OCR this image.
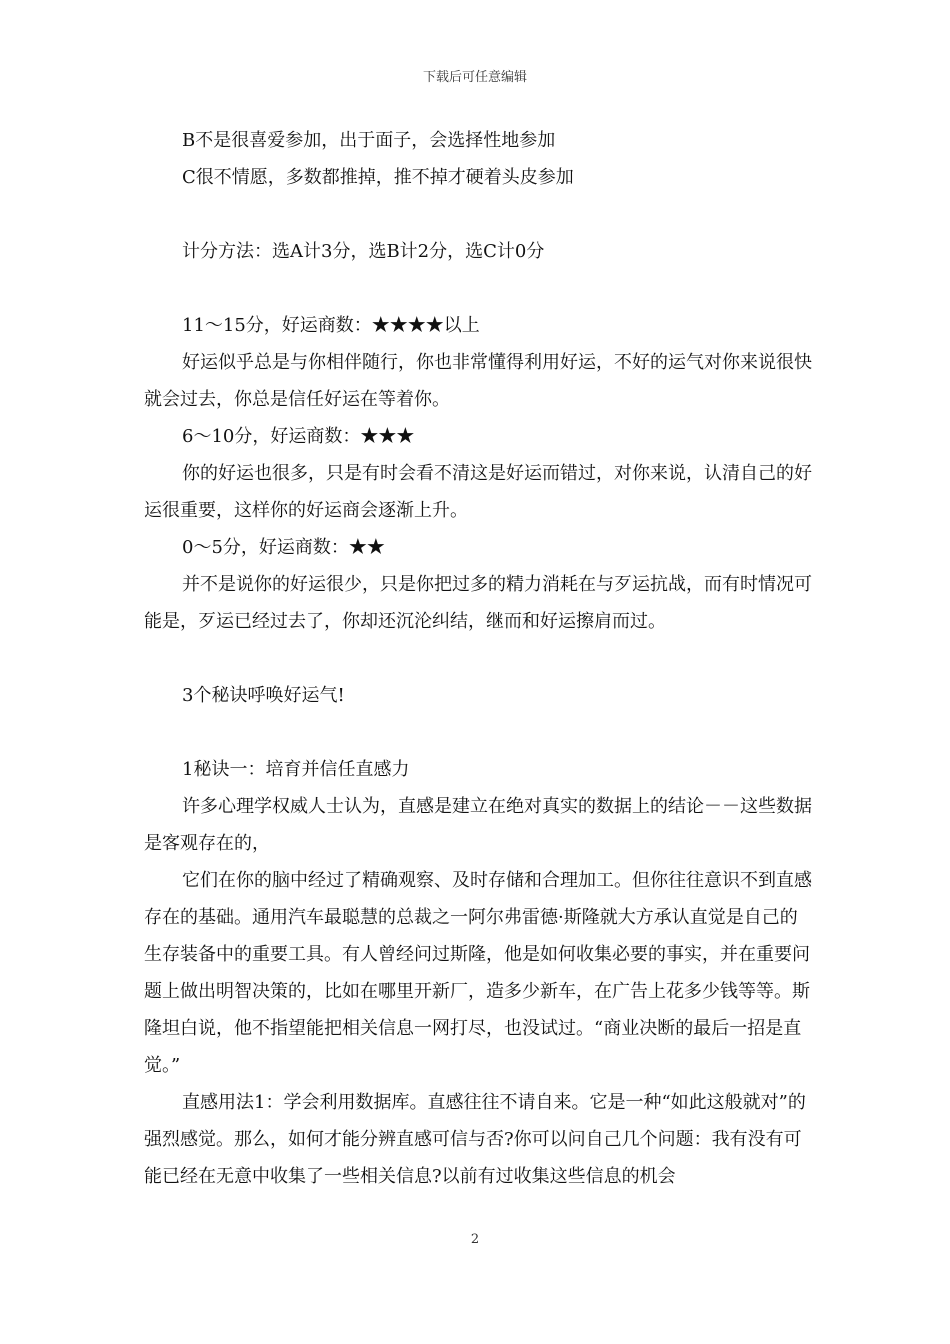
下载后可任意编辑

B不是很喜爱参加，出于面子，会选择性地参加

C很不情愿，多数都推掉，推不掉才硬着头皮参加

计分方法：选A计3分，选B计2分，选C计0分

11～15分，好运商数：★★★★以上

好运似乎总是与你相伴随行，你也非常懂得利用好运，不好的运气对你来说很快就会过去，你总是信任好运在等着你。

6～10分，好运商数：★★★

你的好运也很多，只是有时会看不清这是好运而错过，对你来说，认清自己的好运很重要，这样你的好运商会逐渐上升。

0～5分，好运商数：★★

并不是说你的好运很少，只是你把过多的精力消耗在与歹运抗战，而有时情况可能是，歹运已经过去了，你却还沉沦纠结，继而和好运擦肩而过。

3个秘诀呼唤好运气!

1秘诀一：培育并信任直感力

许多心理学权威人士认为，直感是建立在绝对真实的数据上的结论－－这些数据是客观存在的，

它们在你的脑中经过了精确观察、及时存储和合理加工。但你往往意识不到直感存在的基础。通用汽车最聪慧的总裁之一阿尔弗雷德·斯隆就大方承认直觉是自己的生存装备中的重要工具。有人曾经问过斯隆，他是如何收集必要的事实，并在重要问题上做出明智决策的，比如在哪里开新厂，造多少新车，在广告上花多少钱等等。斯隆坦白说，他不指望能把相关信息一网打尽，也没试过。“商业决断的最后一招是直觉。”

直感用法1：学会利用数据库。直感往往不请自来。它是一种“如此这般就对”的强烈感觉。那么，如何才能分辨直感可信与否?你可以问自己几个问题：我有没有可能已经在无意中收集了一些相关信息?以前有过收集这些信息的机会

2
